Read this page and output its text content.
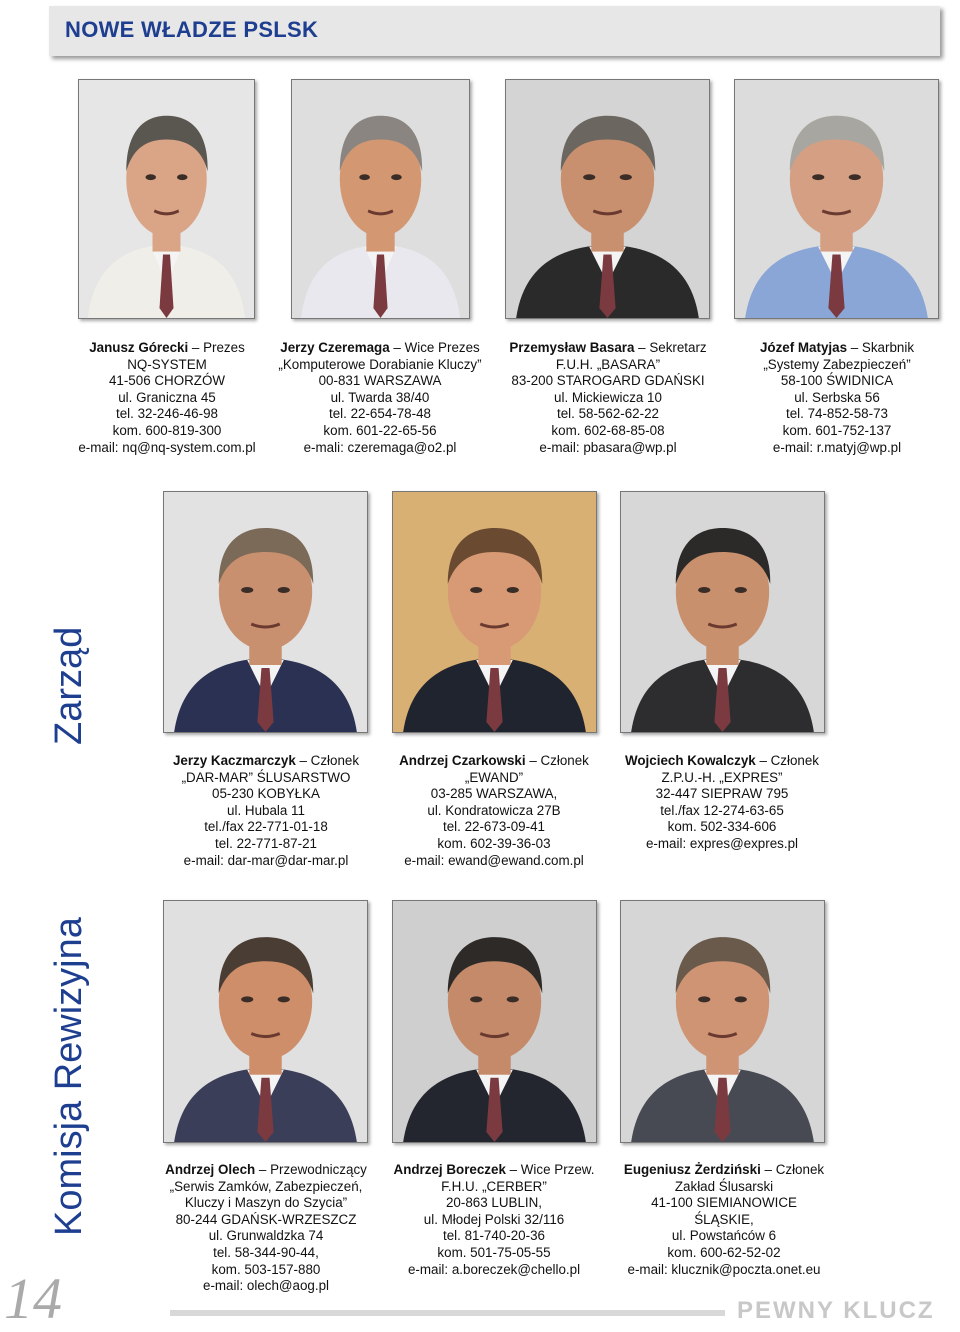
NOWE WŁADZE PSLSK
Zarząd
Komisja Rewizyjna
Janusz Górecki – Prezes
NQ-SYSTEM
41-506 CHORZÓW
ul. Graniczna 45
tel. 32-246-46-98
kom. 600-819-300
e-mail: nq@nq-system.com.pl
Jerzy Czeremaga – Wice Prezes
„Komputerowe Dorabianie Kluczy”
00-831 WARSZAWA
ul. Twarda 38/40
tel. 22-654-78-48
kom. 601-22-65-56
e-mali: czeremaga@o2.pl
Przemysław Basara – Sekretarz
F.U.H. „BASARA”
83-200 STAROGARD GDAŃSKI
ul. Mickiewicza 10
tel. 58-562-62-22
kom. 602-68-85-08
e-mail: pbasara@wp.pl
Józef Matyjas – Skarbnik
„Systemy Zabezpieczeń”
58-100 ŚWIDNICA
ul. Serbska 56
tel. 74-852-58-73
kom. 601-752-137
e-mail: r.matyj@wp.pl
Jerzy Kaczmarczyk – Członek
„DAR-MAR” ŚLUSARSTWO
05-230 KOBYŁKA
ul. Hubala 11
tel./fax 22-771-01-18
tel. 22-771-87-21
e-mail: dar-mar@dar-mar.pl
Andrzej Czarkowski – Członek
„EWAND”
03-285 WARSZAWA,
ul. Kondratowicza 27B
tel. 22-673-09-41
kom. 602-39-36-03
e-mail: ewand@ewand.com.pl
Wojciech Kowalczyk – Członek
Z.P.U.-H. „EXPRES”
32-447 SIEPRAW 795
tel./fax 12-274-63-65
kom. 502-334-606
e-mail: expres@expres.pl
Andrzej Olech – Przewodniczący
„Serwis Zamków, Zabezpieczeń,
Kluczy i Maszyn do Szycia”
80-244 GDAŃSK-WRZESZCZ
ul. Grunwaldzka 74
tel. 58-344-90-44,
kom. 503-157-880
e-mail: olech@aog.pl
Andrzej Boreczek – Wice Przew.
F.H.U. „CERBER”
20-863 LUBLIN,
ul. Młodej Polski 32/116
tel. 81-740-20-36
kom. 501-75-05-55
e-mail: a.boreczek@chello.pl
Eugeniusz Żerdziński – Członek
Zakład Ślusarski
41-100 SIEMIANOWICE
ŚLĄSKIE,
ul. Powstańców 6
kom. 600-62-52-02
e-mail: klucznik@poczta.onet.eu
14	PEWNY KLUCZ
